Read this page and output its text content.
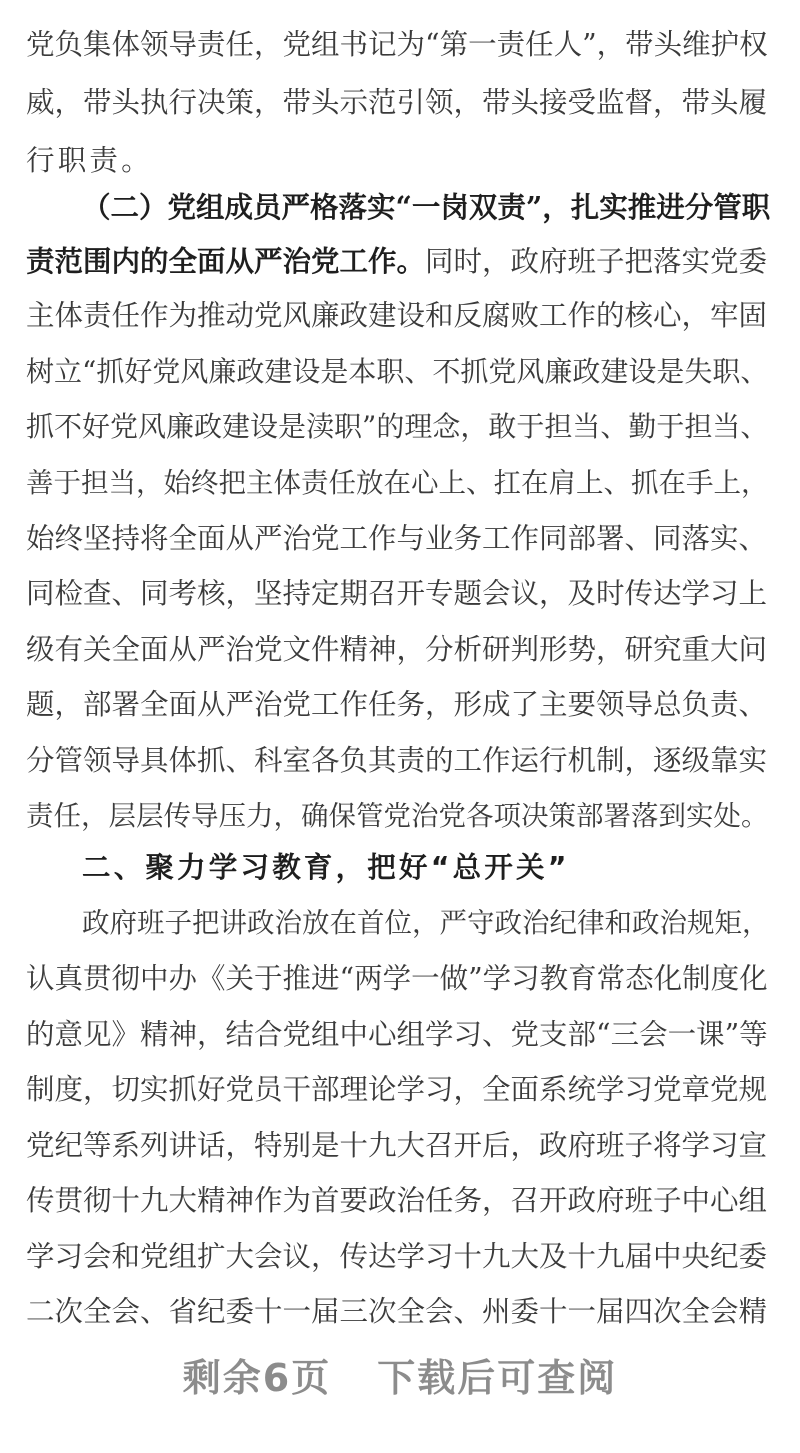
党负集体领导责任，党组书记为“第一责任人”，带头维护权
威，带头执行决策，带头示范引领，带头接受监督，带头履
行职责。
（二）党组成员严格落实“一岗双责”，扎实推进分管职
责范围内的全面从严治党工作。同时，政府班子把落实党委
主体责任作为推动党风廉政建设和反腐败工作的核心，牢固
树立“抓好党风廉政建设是本职、不抓党风廉政建设是失职、
抓不好党风廉政建设是渎职”的理念，敢于担当、勤于担当、
善于担当，始终把主体责任放在心上、扛在肩上、抓在手上，
始终坚持将全面从严治党工作与业务工作同部署、同落实、
同检查、同考核，坚持定期召开专题会议，及时传达学习上
级有关全面从严治党文件精神，分析研判形势，研究重大问
题，部署全面从严治党工作任务，形成了主要领导总负责、
分管领导具体抓、科室各负其责的工作运行机制，逐级靠实
责任，层层传导压力，确保管党治党各项决策部署落到实处。
二、聚力学习教育，把好“总开关”
政府班子把讲政治放在首位，严守政治纪律和政治规矩，
认真贯彻中办《关于推进“两学一做”学习教育常态化制度化
的意见》精神，结合党组中心组学习、党支部“三会一课”等
制度，切实抓好党员干部理论学习，全面系统学习党章党规
党纪等系列讲话，特别是十九大召开后，政府班子将学习宣
传贯彻十九大精神作为首要政治任务，召开政府班子中心组
学习会和党组扩大会议，传达学习十九大及十九届中央纪委
二次全会、省纪委十一届三次全会、州委十一届四次全会精
剩余6页 下载后可查阅
